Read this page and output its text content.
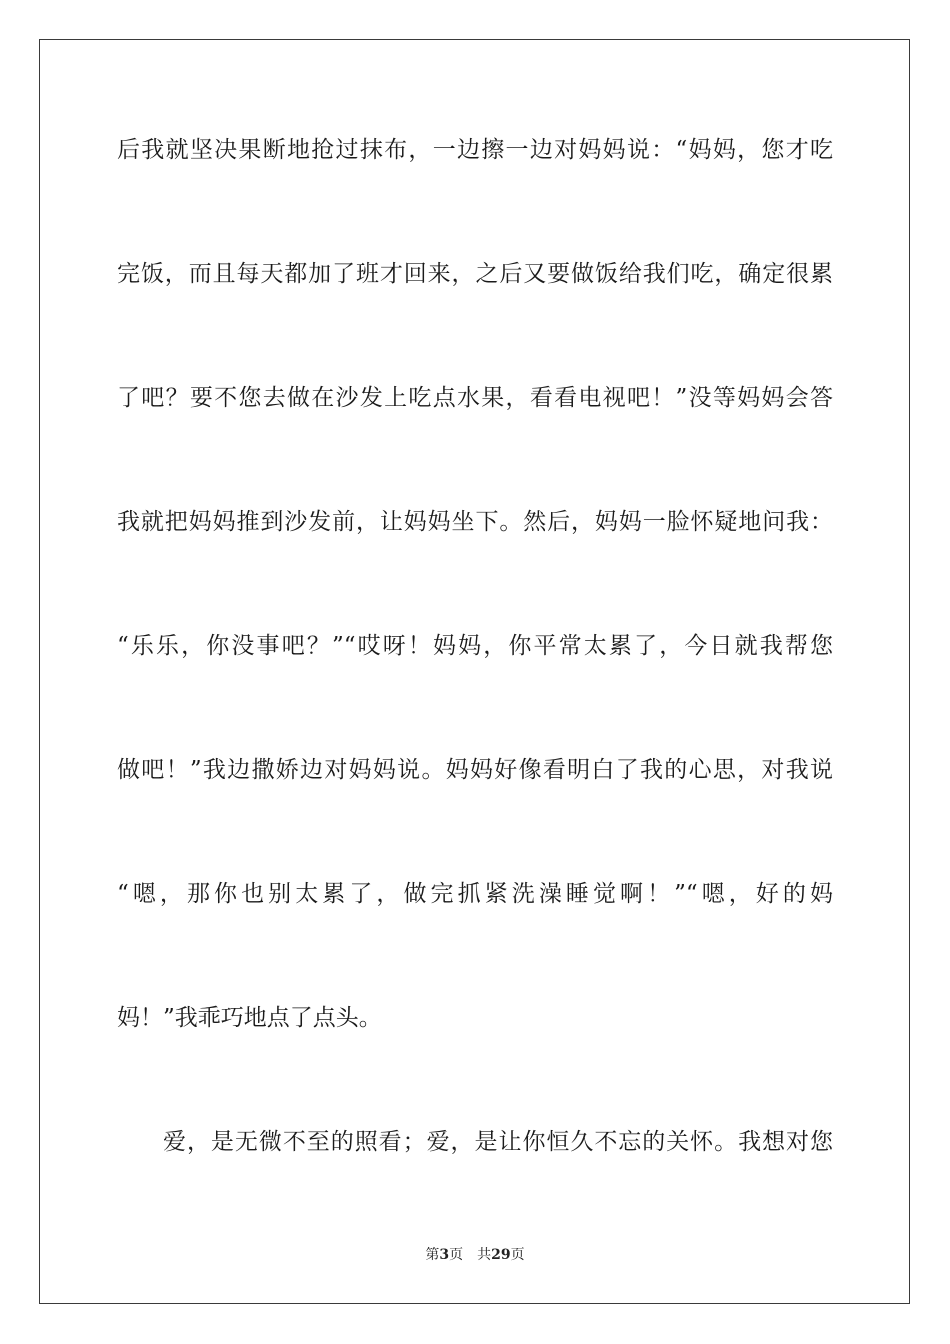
后我就坚决果断地抢过抹布，一边擦一边对妈妈说：“妈妈，您才吃
完饭，而且每天都加了班才回来，之后又要做饭给我们吃，确定很累
了吧？要不您去做在沙发上吃点水果，看看电视吧！”没等妈妈会答
我就把妈妈推到沙发前，让妈妈坐下。然后，妈妈一脸怀疑地问我：
“乐乐，你没事吧？”“哎呀！妈妈，你平常太累了，今日就我帮您
做吧！”我边撒娇边对妈妈说。妈妈好像看明白了我的心思，对我说
“嗯，那你也别太累了，做完抓紧洗澡睡觉啊！”“嗯，好的妈
妈！”我乖巧地点了点头。
爱，是无微不至的照看；爱，是让你恒久不忘的关怀。我想对您
第3页 共29页
